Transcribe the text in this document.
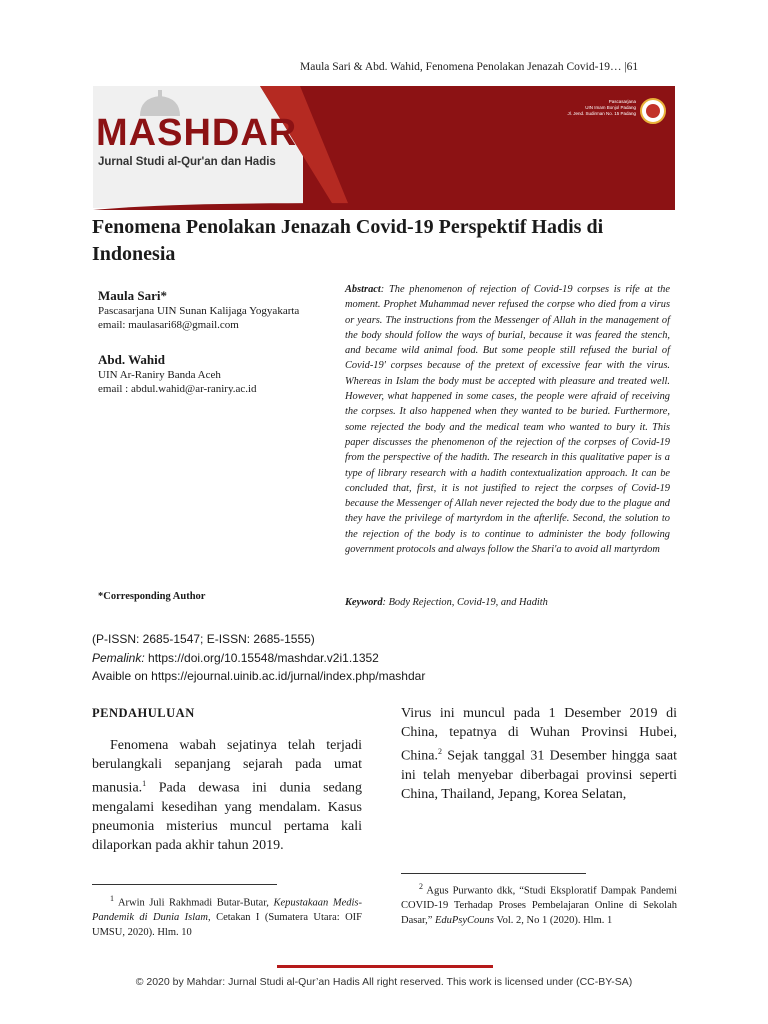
Maula Sari & Abd. Wahid, Fenomena Penolakan Jenazah Covid-19… |61
MASHDAR
Jurnal Studi al-Qur'an dan Hadis
Pascasarjana
UIN Imam Bonjol Padang
Jl. Jend. Sudirman No. 15 Padang
Fenomena Penolakan Jenazah Covid-19 Perspektif Hadis di Indonesia
Maula Sari*
Pascasarjana UIN Sunan Kalijaga Yogyakarta
email: maulasari68@gmail.com
Abd. Wahid
UIN Ar-Raniry Banda Aceh
email : abdul.wahid@ar-raniry.ac.id
*Corresponding Author
Abstract: The phenomenon of rejection of Covid-19 corpses is rife at the moment. Prophet Muhammad never refused the corpse who died from a virus or years. The instructions from the Messenger of Allah in the management of the body should follow the ways of burial, because it was feared the stench, and became wild animal food. But some people still refused the burial of Covid-19' corpses because of the pretext of excessive fear with the virus. Whereas in Islam the body must be accepted with pleasure and treated well. However, what happened in some cases, the people were afraid of receiving the corpses. It also happened when they wanted to be buried. Furthermore, some rejected the body and the medical team who wanted to bury it. This paper discusses the phenomenon of the rejection of the corpses of Covid-19 from the perspective of the hadith. The research in this qualitative paper is a type of library research with a hadith contextualization approach. It can be concluded that, first, it is not justified to reject the corpses of Covid-19 because the Messenger of Allah never rejected the body due to the plague and they have the privilege of martyrdom in the afterlife. Second, the solution to the rejection of the body is to continue to administer the body following government protocols and always follow the Shari'a to avoid all martyrdom
Keyword: Body Rejection, Covid-19, and Hadith
(P-ISSN: 2685-1547; E-ISSN: 2685-1555)
Pemalink: https://doi.org/10.15548/mashdar.v2i1.1352
Avaible on https://ejournal.uinib.ac.id/jurnal/index.php/mashdar
PENDAHULUAN
Fenomena wabah sejatinya telah terjadi berulangkali sepanjang sejarah pada umat manusia.$^1$ Pada dewasa ini dunia sedang mengalami kesedihan yang mendalam. Kasus pneumonia misterius muncul pertama kali dilaporkan pada akhir tahun 2019.
Virus ini muncul pada 1 Desember 2019 di China, tepatnya di Wuhan Provinsi Hubei, China.$^2$ Sejak tanggal 31 Desember hingga saat ini telah menyebar diberbagai provinsi seperti China, Thailand, Jepang, Korea Selatan,
$^1$ Arwin Juli Rakhmadi Butar-Butar, Kepustakaan Medis-Pandemik di Dunia Islam, Cetakan I (Sumatera Utara: OIF UMSU, 2020). Hlm. 10
$^2$ Agus Purwanto dkk, “Studi Eksploratif Dampak Pandemi COVID-19 Terhadap Proses Pembelajaran Online di Sekolah Dasar,” EduPsyCouns Vol. 2, No 1 (2020). Hlm. 1
© 2020 by Mahdar: Jurnal Studi al-Qur’an Hadis All right reserved. This work is licensed under (CC-BY-SA)
